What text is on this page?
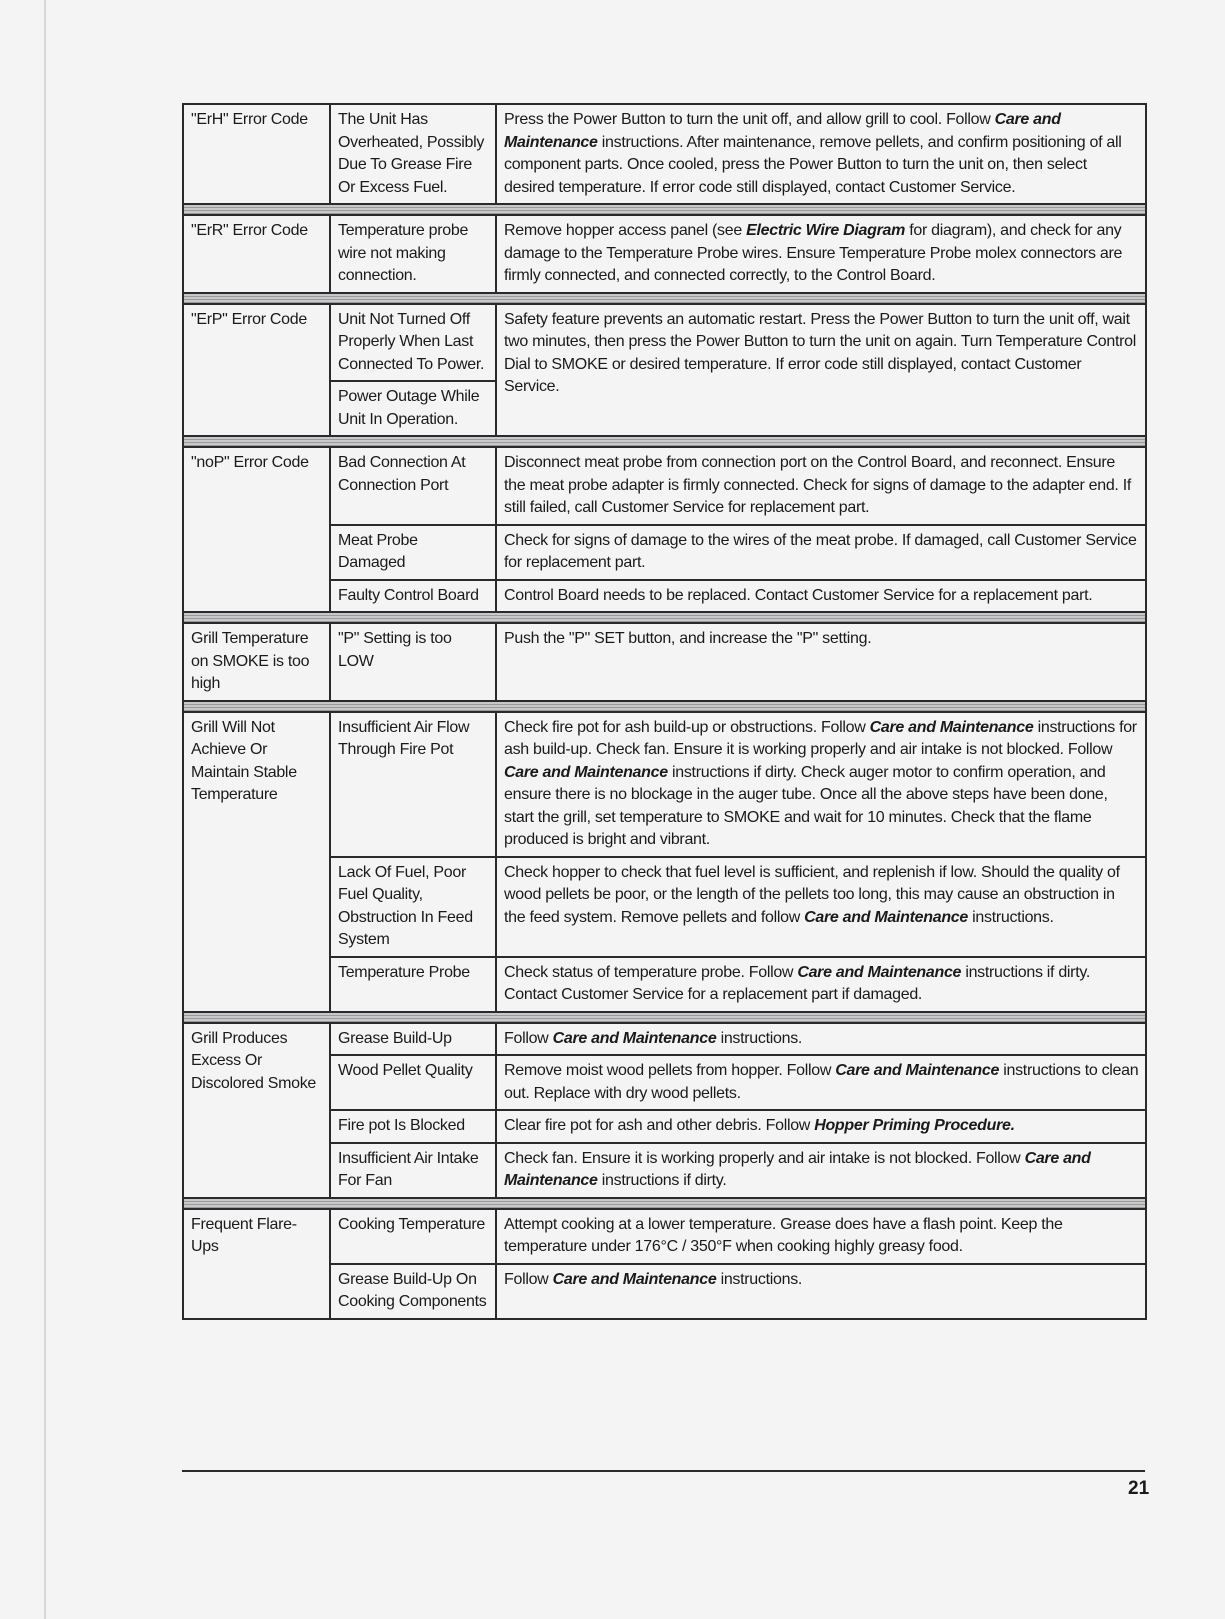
"ErH" Error Code	The Unit Has Overheated, Possibly Due To Grease Fire Or Excess Fuel.	Press the Power Button to turn the unit off, and allow grill to cool. Follow Care and Maintenance instructions. After maintenance, remove pellets, and confirm positioning of all component parts. Once cooled, press the Power Button to turn the unit on, then select desired temperature. If error code still displayed, contact Customer Service.

"ErR" Error Code	Temperature probe wire not making connection.	Remove hopper access panel (see Electric Wire Diagram for diagram), and check for any damage to the Temperature Probe wires. Ensure Temperature Probe molex connectors are firmly connected, and connected correctly, to the Control Board.

"ErP" Error Code	Unit Not Turned Off Properly When Last Connected To Power.	Safety feature prevents an automatic restart. Press the Power Button to turn the unit off, wait two minutes, then press the Power Button to turn the unit on again. Turn Temperature Control Dial to SMOKE or desired temperature. If error code still displayed, contact Customer Service.
	Power Outage While Unit In Operation.	

"noP" Error Code	Bad Connection At Connection Port	Disconnect meat probe from connection port on the Control Board, and reconnect. Ensure the meat probe adapter is firmly connected. Check for signs of damage to the adapter end. If still failed, call Customer Service for replacement part.
	Meat Probe Damaged	Check for signs of damage to the wires of the meat probe. If damaged, call Customer Service for replacement part.
	Faulty Control Board	Control Board needs to be replaced. Contact Customer Service for a replacement part.

Grill Temperature on SMOKE is too high	"P" Setting is too LOW	Push the "P" SET button, and increase the "P" setting.

Grill Will Not Achieve Or Maintain Stable Temperature	Insufficient Air Flow Through Fire Pot	Check fire pot for ash build-up or obstructions. Follow Care and Maintenance instructions for ash build-up. Check fan. Ensure it is working properly and air intake is not blocked. Follow Care and Maintenance instructions if dirty. Check auger motor to confirm operation, and ensure there is no blockage in the auger tube. Once all the above steps have been done, start the grill, set temperature to SMOKE and wait for 10 minutes. Check that the flame produced is bright and vibrant.
	Lack Of Fuel, Poor Fuel Quality, Obstruction In Feed System	Check hopper to check that fuel level is sufficient, and replenish if low. Should the quality of wood pellets be poor, or the length of the pellets too long, this may cause an obstruction in the feed system. Remove pellets and follow Care and Maintenance instructions.
	Temperature Probe	Check status of temperature probe. Follow Care and Maintenance instructions if dirty. Contact Customer Service for a replacement part if damaged.

Grill Produces Excess Or Discolored Smoke	Grease Build-Up	Follow Care and Maintenance instructions.
	Wood Pellet Quality	Remove moist wood pellets from hopper. Follow Care and Maintenance instructions to clean out. Replace with dry wood pellets.
	Fire pot Is Blocked	Clear fire pot for ash and other debris. Follow Hopper Priming Procedure.
	Insufficient Air Intake For Fan	Check fan. Ensure it is working properly and air intake is not blocked. Follow Care and Maintenance instructions if dirty.

Frequent Flare-Ups	Cooking Temperature	Attempt cooking at a lower temperature. Grease does have a flash point. Keep the temperature under 176°C / 350°F when cooking highly greasy food.
	Grease Build-Up On Cooking Components	Follow Care and Maintenance instructions.
21
